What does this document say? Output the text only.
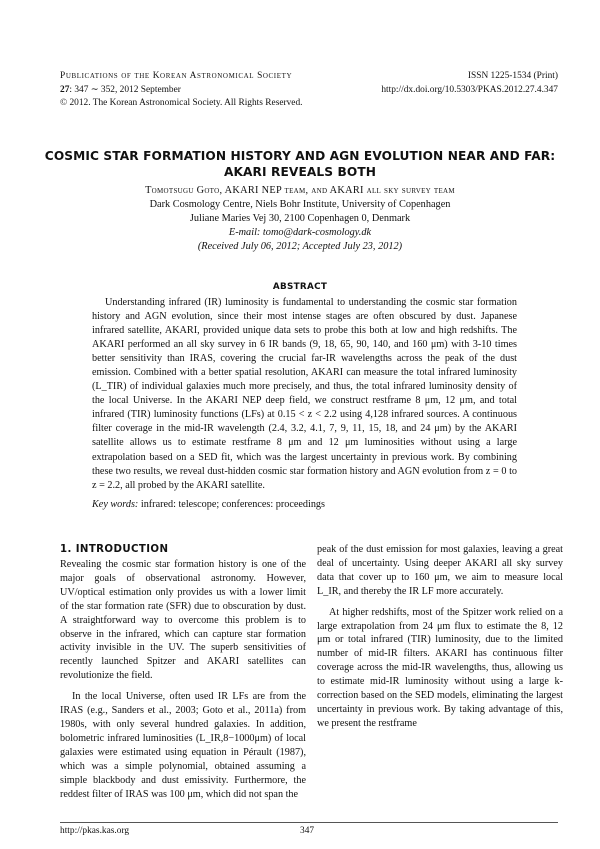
Publications of the Korean Astronomical Society
27: 347 ∼ 352, 2012 September
© 2012. The Korean Astronomical Society. All Rights Reserved.
ISSN 1225-1534 (Print)
http://dx.doi.org/10.5303/PKAS.2012.27.4.347
COSMIC STAR FORMATION HISTORY AND AGN EVOLUTION NEAR AND FAR:
AKARI REVEALS BOTH
Tomotsugu Goto, AKARI NEP team, and AKARI all sky survey team
Dark Cosmology Centre, Niels Bohr Institute, University of Copenhagen
Juliane Maries Vej 30, 2100 Copenhagen 0, Denmark
E-mail: tomo@dark-cosmology.dk
(Received July 06, 2012; Accepted July 23, 2012)
ABSTRACT
Understanding infrared (IR) luminosity is fundamental to understanding the cosmic star formation history and AGN evolution, since their most intense stages are often obscured by dust. Japanese infrared satellite, AKARI, provided unique data sets to probe this both at low and high redshifts. The AKARI performed an all sky survey in 6 IR bands (9, 18, 65, 90, 140, and 160 μm) with 3-10 times better sensitivity than IRAS, covering the crucial far-IR wavelengths across the peak of the dust emission. Combined with a better spatial resolution, AKARI can measure the total infrared luminosity (L_TIR) of individual galaxies much more precisely, and thus, the total infrared luminosity density of the local Universe. In the AKARI NEP deep field, we construct restframe 8 μm, 12 μm, and total infrared (TIR) luminosity functions (LFs) at 0.15 < z < 2.2 using 4,128 infrared sources. A continuous filter coverage in the mid-IR wavelength (2.4, 3.2, 4.1, 7, 9, 11, 15, 18, and 24 μm) by the AKARI satellite allows us to estimate restframe 8 μm and 12 μm luminosities without using a large extrapolation based on a SED fit, which was the largest uncertainty in previous work. By combining these two results, we reveal dust-hidden cosmic star formation history and AGN evolution from z = 0 to z = 2.2, all probed by the AKARI satellite.
Key words: infrared: telescope; conferences: proceedings
1. INTRODUCTION

Revealing the cosmic star formation history is one of the major goals of observational astronomy. However, UV/optical estimation only provides us with a lower limit of the star formation rate (SFR) due to obscuration by dust. A straightforward way to overcome this problem is to observe in the infrared, which can capture star formation activity invisible in the UV. The superb sensitivities of recently launched Spitzer and AKARI satellites can revolutionize the field.

In the local Universe, often used IR LFs are from the IRAS (e.g., Sanders et al., 2003; Goto et al., 2011a) from 1980s, with only several hundred galaxies. In addition, bolometric infrared luminosities (L_IR,8−1000μm) of local galaxies were estimated using equation in Pérault (1987), which was a simple polynomial, obtained assuming a simple blackbody and dust emissivity. Furthermore, the reddest filter of IRAS was 100 μm, which did not span the

peak of the dust emission for most galaxies, leaving a great deal of uncertainty. Using deeper AKARI all sky survey data that cover up to 160 μm, we aim to measure local L_IR, and thereby the IR LF more accurately.

At higher redshifts, most of the Spitzer work relied on a large extrapolation from 24 μm flux to estimate the 8, 12 μm or total infrared (TIR) luminosity, due to the limited number of mid-IR filters. AKARI has continuous filter coverage across the mid-IR wavelengths, thus, allowing us to estimate mid-IR luminosity without using a large k-correction based on the SED models, eliminating the largest uncertainty in previous work. By taking advantage of this, we present the restframe

http://pkas.kas.org	347
